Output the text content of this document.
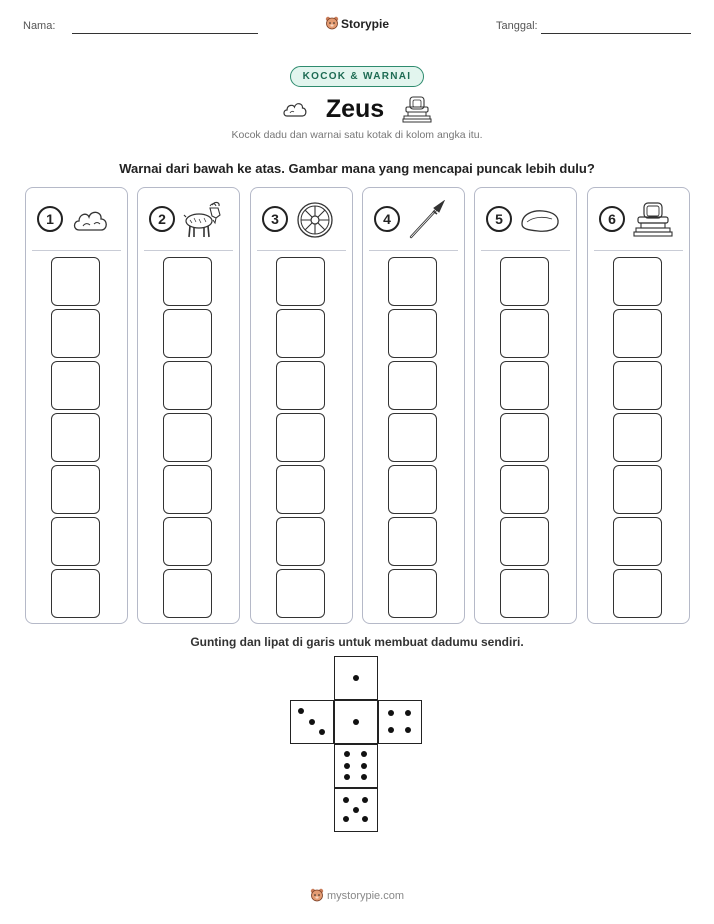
Nama:	Storypie	Tanggal:
KOCOK & WARNAI
Zeus
Kocok dadu dan warnai satu kotak di kolom angka itu.
Warnai dari bawah ke atas. Gambar mana yang mencapai puncak lebih dulu?
1	2	3	4	5	6
Gunting dan lipat di garis untuk membuat dadumu sendiri.
mystorypie.com
